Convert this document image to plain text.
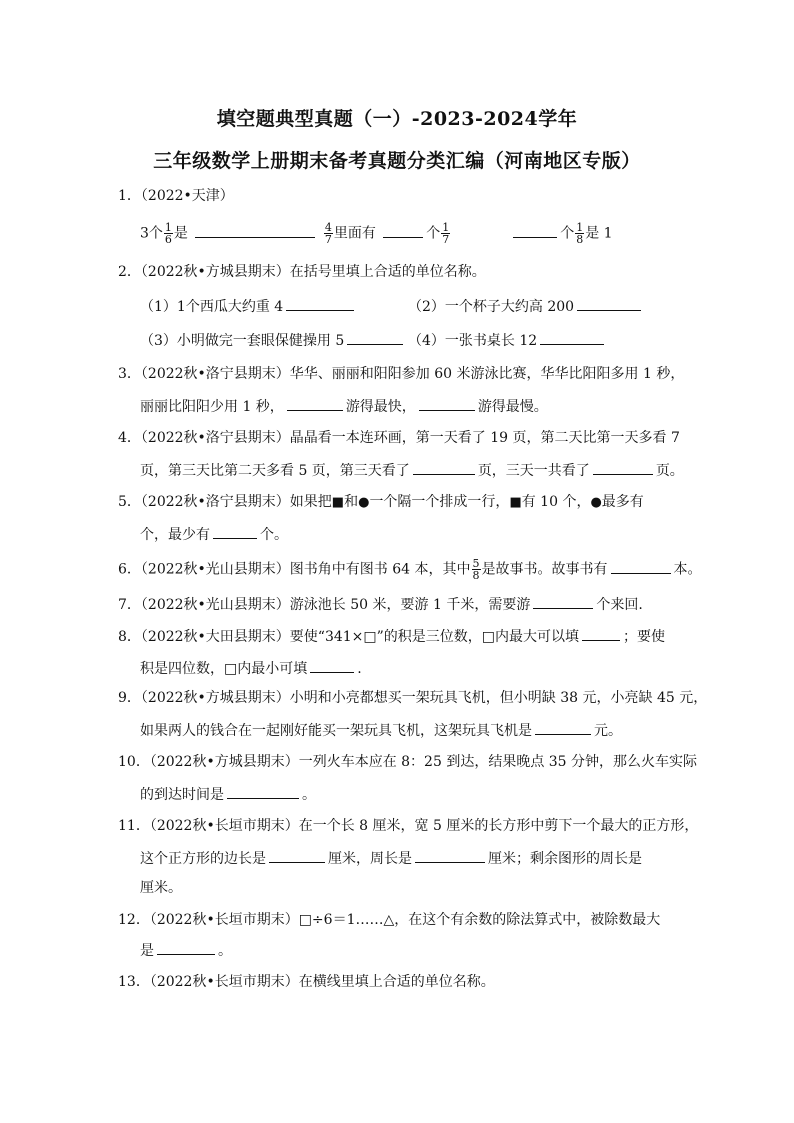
填空题典型真题（一）-2023-2024学年
三年级数学上册期末备考真题分类汇编（河南地区专版）
1．（2022•天津）
3个 $\frac{1}{6}$ 是	$\frac{4}{7}$ 里面有	个 $\frac{1}{7}$	个 $\frac{1}{8}$ 是 1
2．（2022秋•方城县期末）在括号里填上合适的单位名称。
（1）1个西瓜大约重 4	（2）一个杯子大约高 200
（3）小明做完一套眼保健操用 5	（4）一张书桌长 12
3．（2022秋•洛宁县期末）华华、丽丽和阳阳参加 60 米游泳比赛，华华比阳阳多用 1 秒，
丽丽比阳阳少用 1 秒，	游得最快，	游得最慢。
4．（2022秋•洛宁县期末）晶晶看一本连环画，第一天看了 19 页，第二天比第一天多看 7
页，第三天比第二天多看 5 页，第三天看了	页，三天一共看了	页。
5．（2022秋•洛宁县期末）如果把■和●一个隔一个排成一行，■有 10 个，●最多有
个，最少有	个。
6．（2022秋•光山县期末）图书角中有图书 64 本，其中 $\frac{5}{8}$ 是故事书。故事书有	本。
7．（2022秋•光山县期末）游泳池长 50 米，要游 1 千米，需要游	个来回.
8．（2022秋•大田县期末）要使“341×□”的积是三位数，□内最大可以填	；要使
积是四位数，□内最小可填	.
9．（2022秋•方城县期末）小明和小亮都想买一架玩具飞机，但小明缺 38 元，小亮缺 45 元，
如果两人的钱合在一起刚好能买一架玩具飞机，这架玩具飞机是	元。
10．（2022秋•方城县期末）一列火车本应在 8：25 到达，结果晚点 35 分钟，那么火车实际
的到达时间是	。
11．（2022秋•长垣市期末）在一个长 8 厘米，宽 5 厘米的长方形中剪下一个最大的正方形，
这个正方形的边长是	厘米，周长是	厘米；剩余图形的周长是
厘米。
12．（2022秋•长垣市期末）□÷6＝1……△，在这个有余数的除法算式中，被除数最大
是	。
13．（2022秋•长垣市期末）在横线里填上合适的单位名称。
